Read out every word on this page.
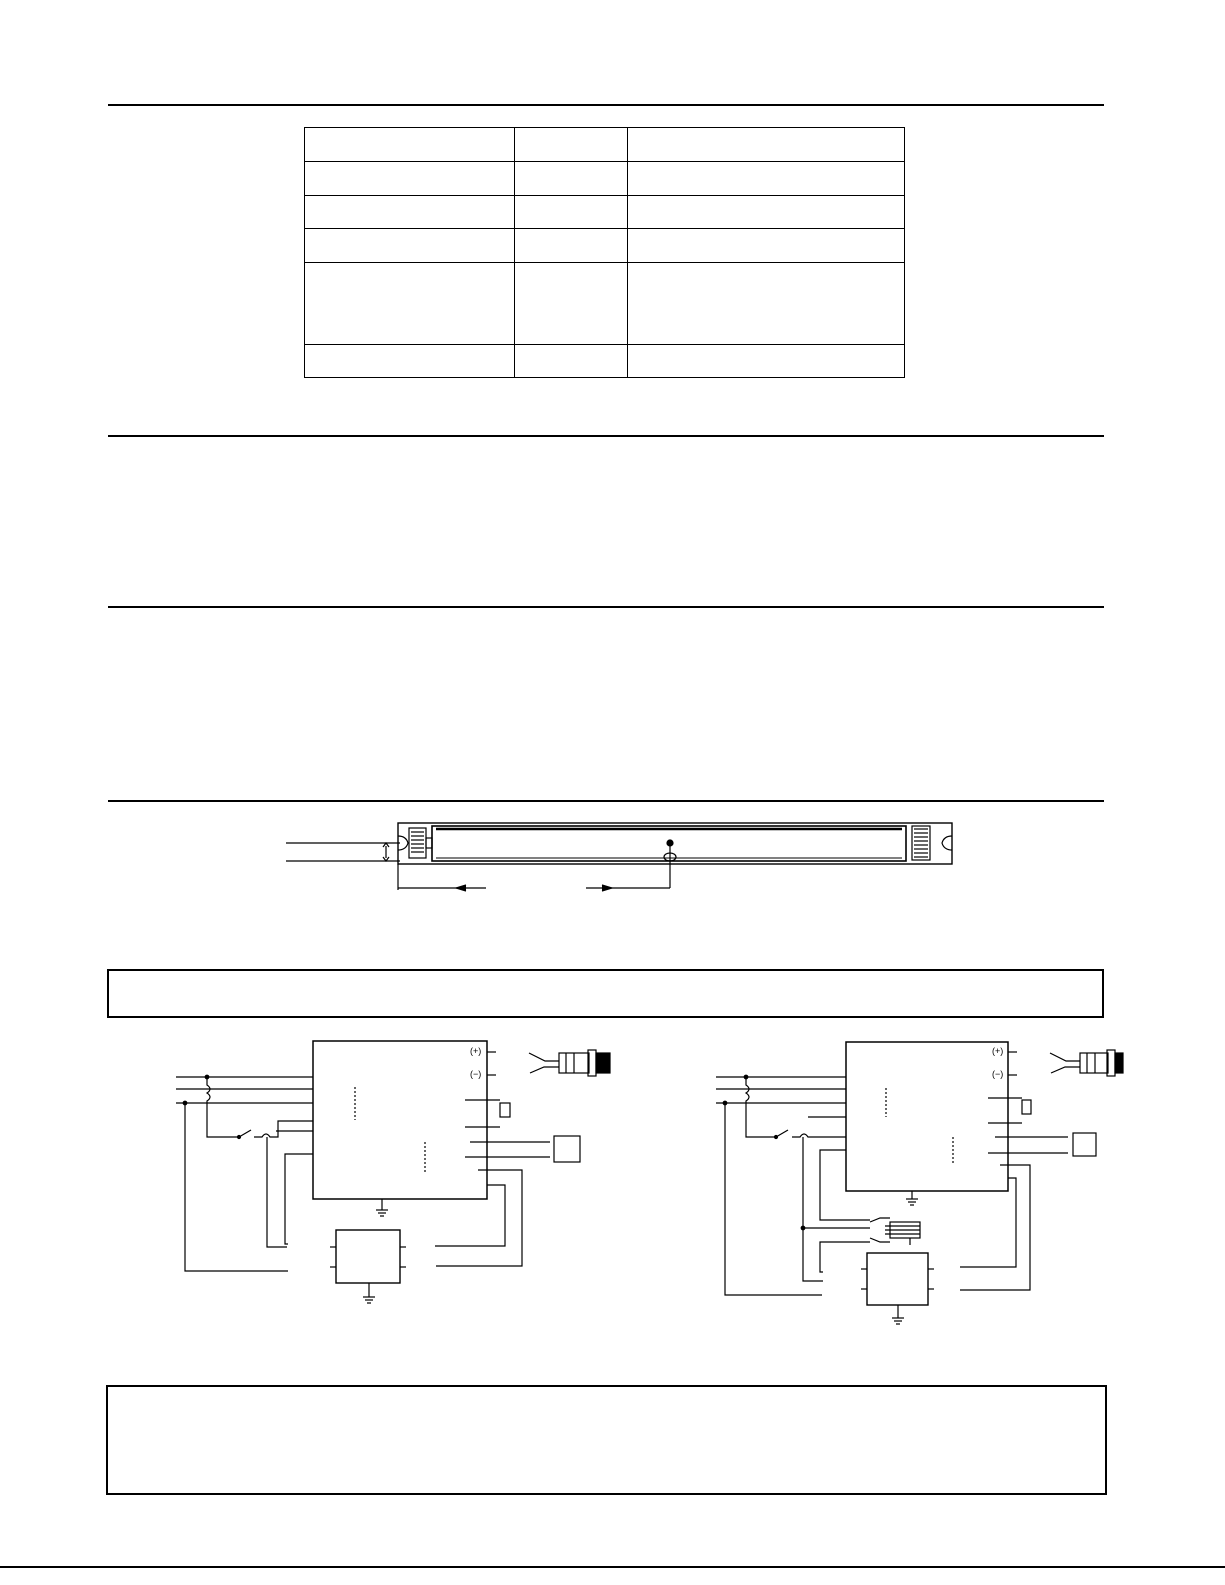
(+)
(−)
(+)
(−)
